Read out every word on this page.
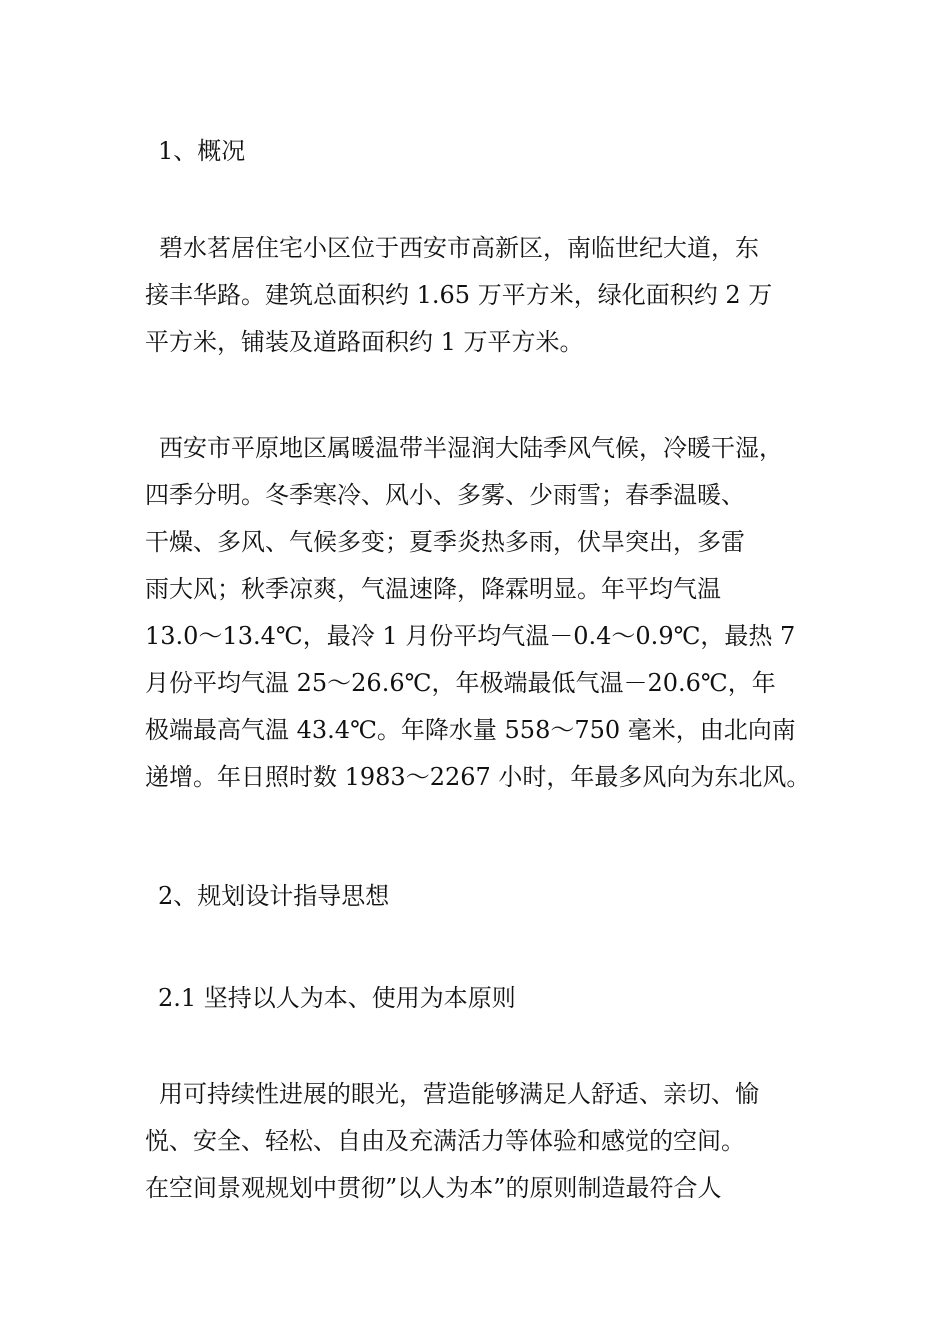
1、概况
碧水茗居住宅小区位于西安市高新区，南临世纪大道，东
接丰华路。建筑总面积约 1.65 万平方米，绿化面积约 2 万
平方米，铺装及道路面积约 1 万平方米。
西安市平原地区属暖温带半湿润大陆季风气候，冷暖干湿，
四季分明。冬季寒冷、风小、多雾、少雨雪；春季温暖、
干燥、多风、气候多变；夏季炎热多雨，伏旱突出，多雷
雨大风；秋季凉爽，气温速降，降霖明显。年平均气温
13.0～13.4℃，最冷 1 月份平均气温－0.4～0.9℃，最热 7
月份平均气温 25～26.6℃，年极端最低气温－20.6℃，年
极端最高气温 43.4℃。年降水量 558～750 毫米，由北向南
递增。年日照时数 1983～2267 小时，年最多风向为东北风。
2、规划设计指导思想
2.1 坚持以人为本、使用为本原则
用可持续性进展的眼光，营造能够满足人舒适、亲切、愉
悦、安全、轻松、自由及充满活力等体验和感觉的空间。
在空间景观规划中贯彻”以人为本”的原则制造最符合人
